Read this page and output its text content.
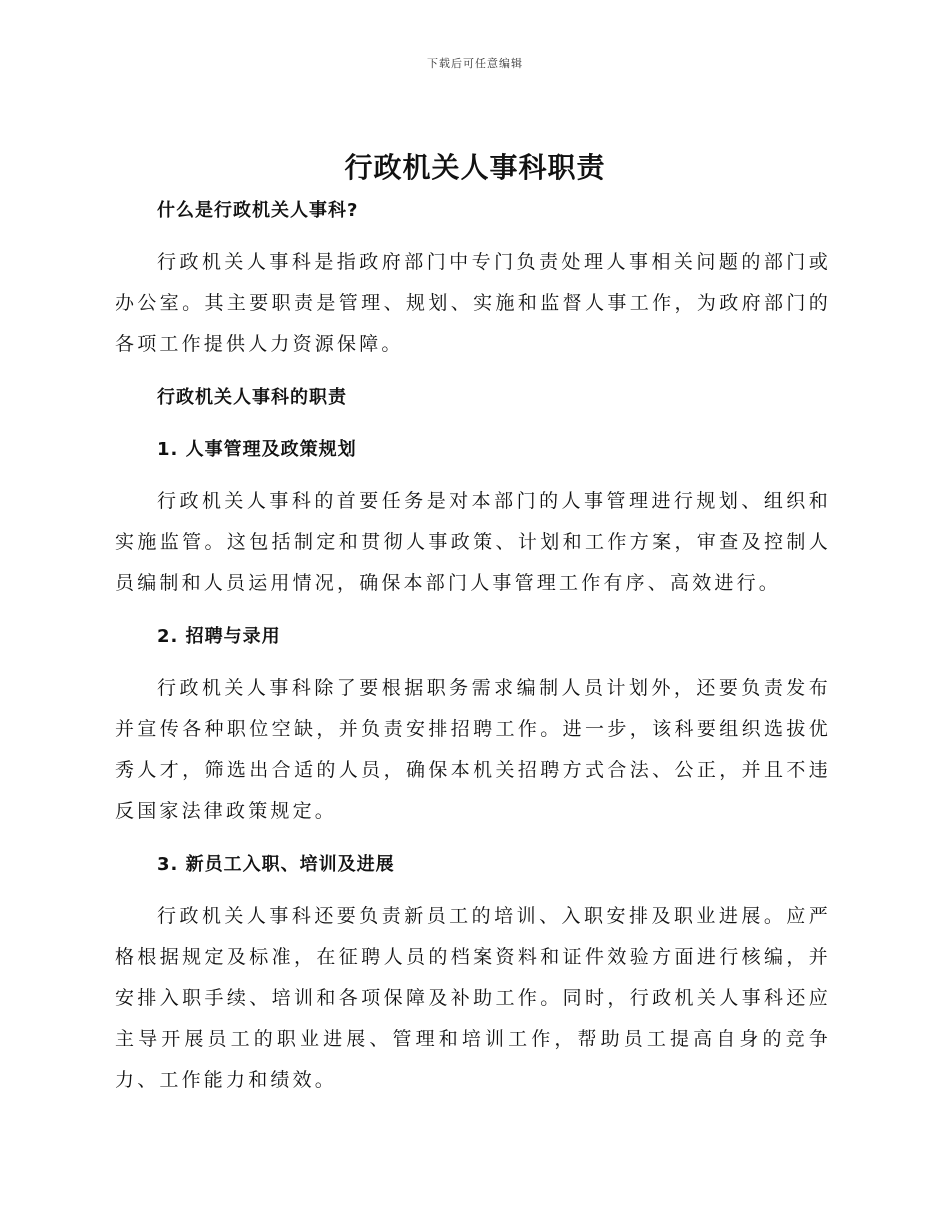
下载后可任意编辑
行政机关人事科职责
什么是行政机关人事科?

行政机关人事科是指政府部门中专门负责处理人事相关问题的部门或办公室。其主要职责是管理、规划、实施和监督人事工作，为政府部门的各项工作提供人力资源保障。

行政机关人事科的职责
1. 人事管理及政策规划

行政机关人事科的首要任务是对本部门的人事管理进行规划、组织和实施监管。这包括制定和贯彻人事政策、计划和工作方案，审查及控制人员编制和人员运用情况，确保本部门人事管理工作有序、高效进行。

2. 招聘与录用

行政机关人事科除了要根据职务需求编制人员计划外，还要负责发布并宣传各种职位空缺，并负责安排招聘工作。进一步，该科要组织选拔优秀人才，筛选出合适的人员，确保本机关招聘方式合法、公正，并且不违反国家法律政策规定。

3. 新员工入职、培训及进展

行政机关人事科还要负责新员工的培训、入职安排及职业进展。应严格根据规定及标准，在征聘人员的档案资料和证件效验方面进行核编，并安排入职手续、培训和各项保障及补助工作。同时，行政机关人事科还应主导开展员工的职业进展、管理和培训工作，帮助员工提高自身的竞争力、工作能力和绩效。
